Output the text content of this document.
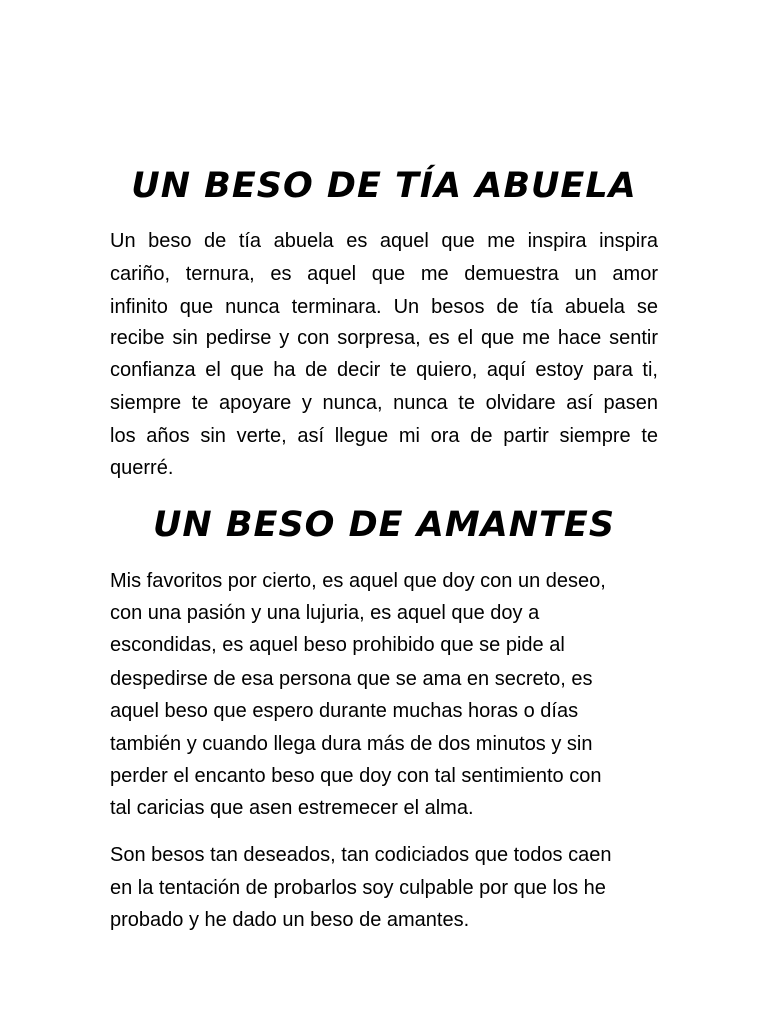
UN BESO DE TÍA ABUELA

Un beso de tía abuela es aquel que me inspira inspira

cariño, ternura, es aquel que me demuestra un amor

infinito que nunca terminara. Un besos de tía abuela se

recibe sin pedirse y con sorpresa, es el que me hace sentir

confianza el que ha de decir te quiero, aquí estoy para ti,

siempre te apoyare y nunca, nunca te olvidare así pasen

los años sin verte, así llegue mi ora de partir siempre te

querré.

UN BESO DE AMANTES

Mis favoritos por cierto, es aquel que doy con un deseo,

con una pasión y una lujuria, es aquel que doy a

escondidas, es aquel beso prohibido que se pide al

despedirse de esa persona que se ama en secreto, es

aquel beso que espero durante muchas horas o días

también y cuando llega dura más de dos minutos y sin

perder el encanto beso que doy con tal sentimiento con

tal caricias que asen estremecer el alma.

Son besos tan deseados, tan codiciados que todos caen

en la tentación de probarlos soy culpable por que los he

probado y he dado un beso de amantes.
